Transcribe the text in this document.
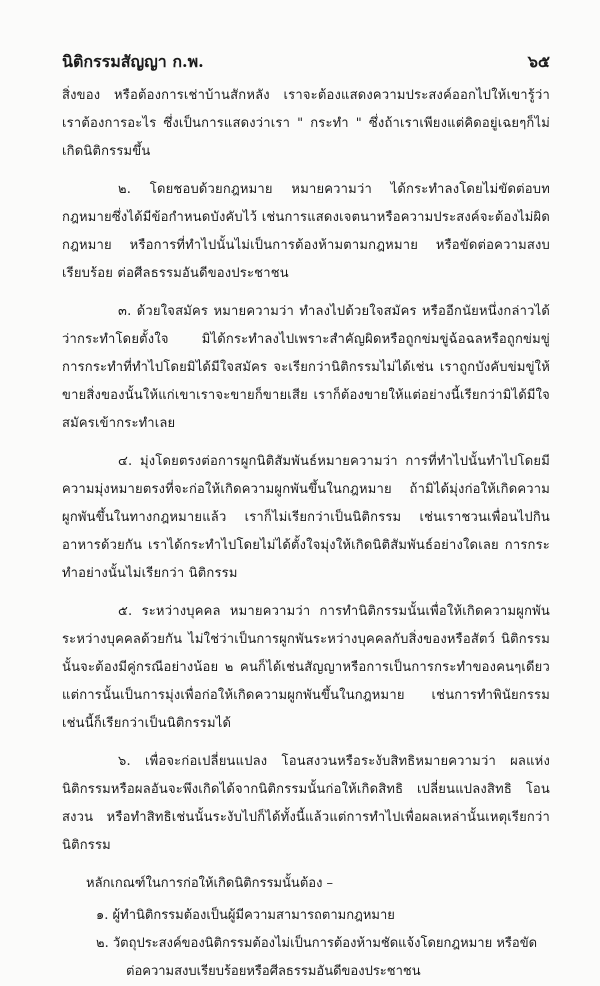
นิติกรรมสัญญา ก.พ.	๖๕

สิ่งของ หรือต้องการเช่าบ้านสักหลัง เราจะต้องแสดงความประสงค์ออกไปให้เขารู้ว่าเราต้องการอะไร ซึ่งเป็นการแสดงว่าเรา " กระทำ " ซึ่งถ้าเราเพียงแต่คิดอยู่เฉยๆก็ไม่เกิดนิติกรรมขึ้น

๒. โดยชอบด้วยกฎหมาย หมายความว่า ได้กระทำลงโดยไม่ขัดต่อบทกฎหมายซึ่งได้มีข้อกำหนดบังคับไว้ เช่นการแสดงเจตนาหรือความประสงค์จะต้องไม่ผิดกฎหมาย หรือการที่ทำไปนั้นไม่เป็นการต้องห้ามตามกฎหมาย หรือขัดต่อความสงบเรียบร้อย ต่อศีลธรรมอันดีของประชาชน

๓. ด้วยใจสมัคร หมายความว่า ทำลงไปด้วยใจสมัคร หรืออีกนัยหนึ่งกล่าวได้ว่ากระทำโดยตั้งใจ มิได้กระทำลงไปเพราะสำคัญผิดหรือถูกข่มขู่ฉ้อฉลหรือถูกข่มขู่ การกระทำที่ทำไปโดยมิได้มีใจสมัคร จะเรียกว่านิติกรรมไม่ได้เช่น เราถูกบังคับข่มขู่ให้ขายสิ่งของนั้นให้แก่เขาเราจะขายก็ขายเสีย เราก็ต้องขายให้แต่อย่างนี้เรียกว่ามิได้มีใจสมัครเข้ากระทำเลย

๔. มุ่งโดยตรงต่อการผูกนิติสัมพันธ์หมายความว่า การที่ทำไปนั้นทำไปโดยมีความมุ่งหมายตรงที่จะก่อให้เกิดความผูกพันขึ้นในกฎหมาย ถ้ามิได้มุ่งก่อให้เกิดความผูกพันขึ้นในทางกฎหมายแล้ว เราก็ไม่เรียกว่าเป็นนิติกรรม เช่นเราชวนเพื่อนไปกินอาหารด้วยกัน เราได้กระทำไปโดยไม่ได้ตั้งใจมุ่งให้เกิดนิติสัมพันธ์อย่างใดเลย การกระทำอย่างนั้นไม่เรียกว่า นิติกรรม

๕. ระหว่างบุคคล หมายความว่า การทำนิติกรรมนั้นเพื่อให้เกิดความผูกพันระหว่างบุคคลด้วยกัน ไม่ใช่ว่าเป็นการผูกพันระหว่างบุคคลกับสิ่งของหรือสัตว์ นิติกรรมนั้นจะต้องมีคู่กรณีอย่างน้อย ๒ คนก็ได้เช่นสัญญาหรือการเป็นการกระทำของคนๆเดียว แต่การนั้นเป็นการมุ่งเพื่อก่อให้เกิดความผูกพันขึ้นในกฎหมาย เช่นการทำพินัยกรรมเช่นนี้ก็เรียกว่าเป็นนิติกรรมได้

๖. เพื่อจะก่อเปลี่ยนแปลง โอนสงวนหรือระงับสิทธิหมายความว่า ผลแห่งนิติกรรมหรือผลอันจะพึงเกิดได้จากนิติกรรมนั้นก่อให้เกิดสิทธิ เปลี่ยนแปลงสิทธิ โอน สงวน หรือทำสิทธิเช่นนั้นระงับไปก็ได้ทั้งนี้แล้วแต่การทำไปเพื่อผลเหล่านั้นเหตุเรียกว่า นิติกรรม

หลักเกณฑ์ในการก่อให้เกิดนิติกรรมนั้นต้อง –

๑. ผู้ทำนิติกรรมต้องเป็นผู้มีความสามารถตามกฎหมาย

๒. วัตถุประสงค์ของนิติกรรมต้องไม่เป็นการต้องห้ามชัดแจ้งโดยกฎหมาย หรือขัดต่อความสงบเรียบร้อยหรือศีลธรรมอันดีของประชาชน
